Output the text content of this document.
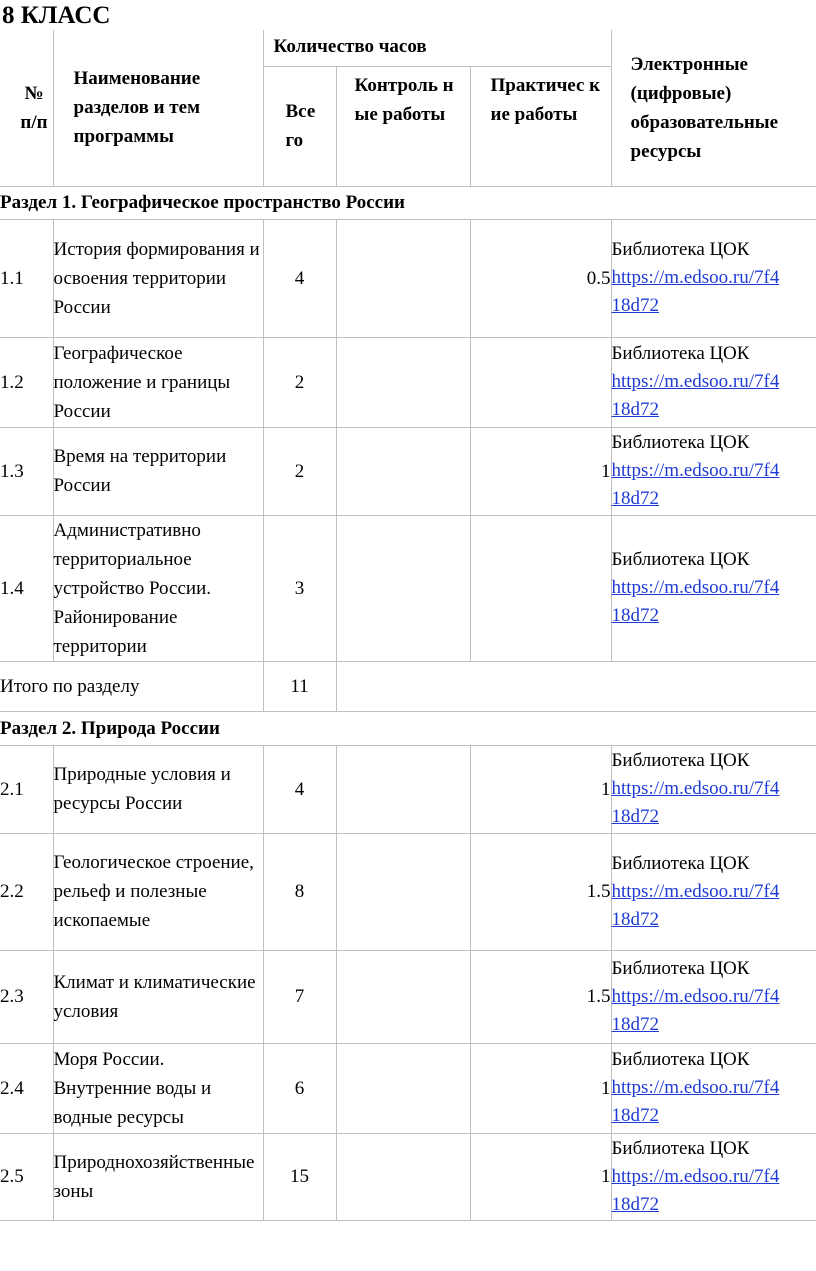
8 КЛАСС
№ п/п	Наименование разделов и тем программы	Количество часов			Электронные (цифровые) образовательные ресурсы

		Все го	Контроль ные работы	Практичес кие работы	

Раздел 1. Географическое пространство России					
1.1	История формирования и освоения территории России	4		0.5	Библиотека ЦОК
https://m.edsoo.ru/7f418d72
1.2	Географическое положение и границы России	2			Библиотека ЦОК
https://m.edsoo.ru/7f418d72
1.3	Время на территории России	2		1	Библиотека ЦОК
https://m.edsoo.ru/7f418d72
1.4	Административно территориальное устройство России. Районирование территории	3			Библиотека ЦОК
https://m.edsoo.ru/7f418d72
Итого по разделу		11			
Раздел 2. Природа России					
2.1	Природные условия и ресурсы России	4		1	Библиотека ЦОК
https://m.edsoo.ru/7f418d72
2.2	Геологическое строение, рельеф и полезные ископаемые	8		1.5	Библиотека ЦОК
https://m.edsoo.ru/7f418d72
2.3	Климат и климатические условия	7		1.5	Библиотека ЦОК
https://m.edsoo.ru/7f418d72
2.4	Моря России. Внутренние воды и водные ресурсы	6		1	Библиотека ЦОК
https://m.edsoo.ru/7f418d72
2.5	Природнохозяйственные зоны	15		1	Библиотека ЦОК
https://m.edsoo.ru/7f418d72
